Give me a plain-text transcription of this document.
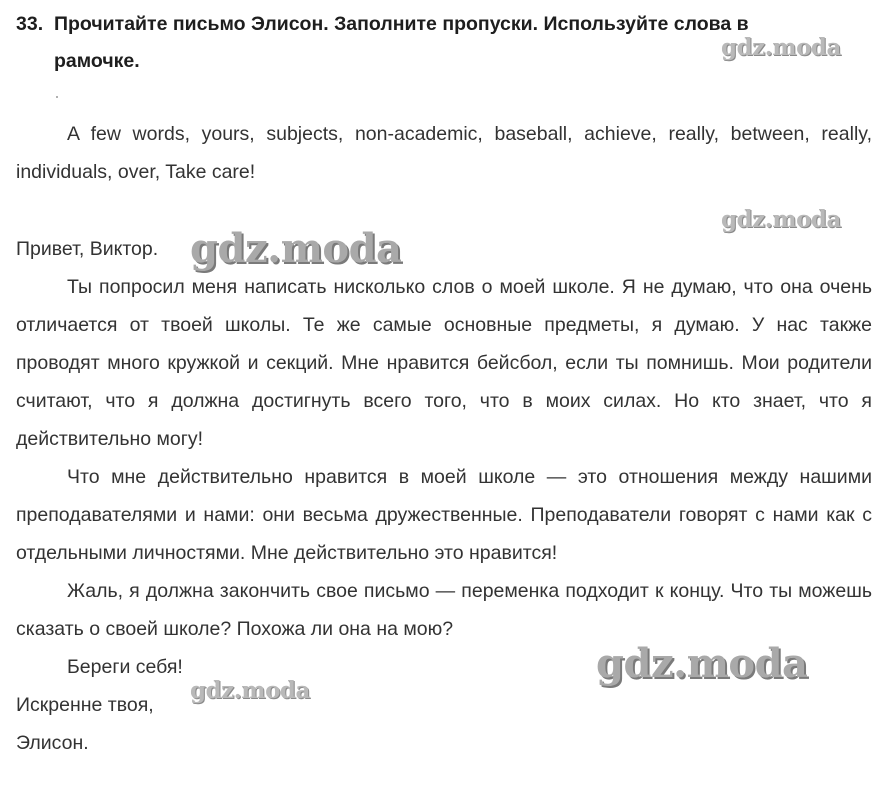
33. Прочитайте письмо Элисон. Заполните пропуски. Используйте слова в
рамочке.
A few words, yours, subjects, non-academic, baseball, achieve, really, between, really, individuals, over, Take care!
Привет, Виктор.
Ты попросил меня написать нисколько слов о моей школе. Я не думаю, что она очень отличается от твоей школы. Те же самые основные предметы, я думаю. У нас также проводят много кружкой и секций. Мне нравится бейсбол, если ты помнишь. Мои родители считают, что я должна достигнуть всего того, что в моих силах. Но кто знает, что я действительно могу!
Что мне действительно нравится в моей школе — это отношения между нашими преподавателями и нами: они весьма дружественные. Преподаватели говорят с нами как с отдельными личностями. Мне действительно это нравится!
Жаль, я должна закончить свое письмо — переменка подходит к концу. Что ты можешь сказать о своей школе? Похожа ли она на мою?
Береги себя!
Искренне твоя,
Элисон.
gdz.moda
gdz.moda
gdz.moda
gdz.moda
gdz.moda
